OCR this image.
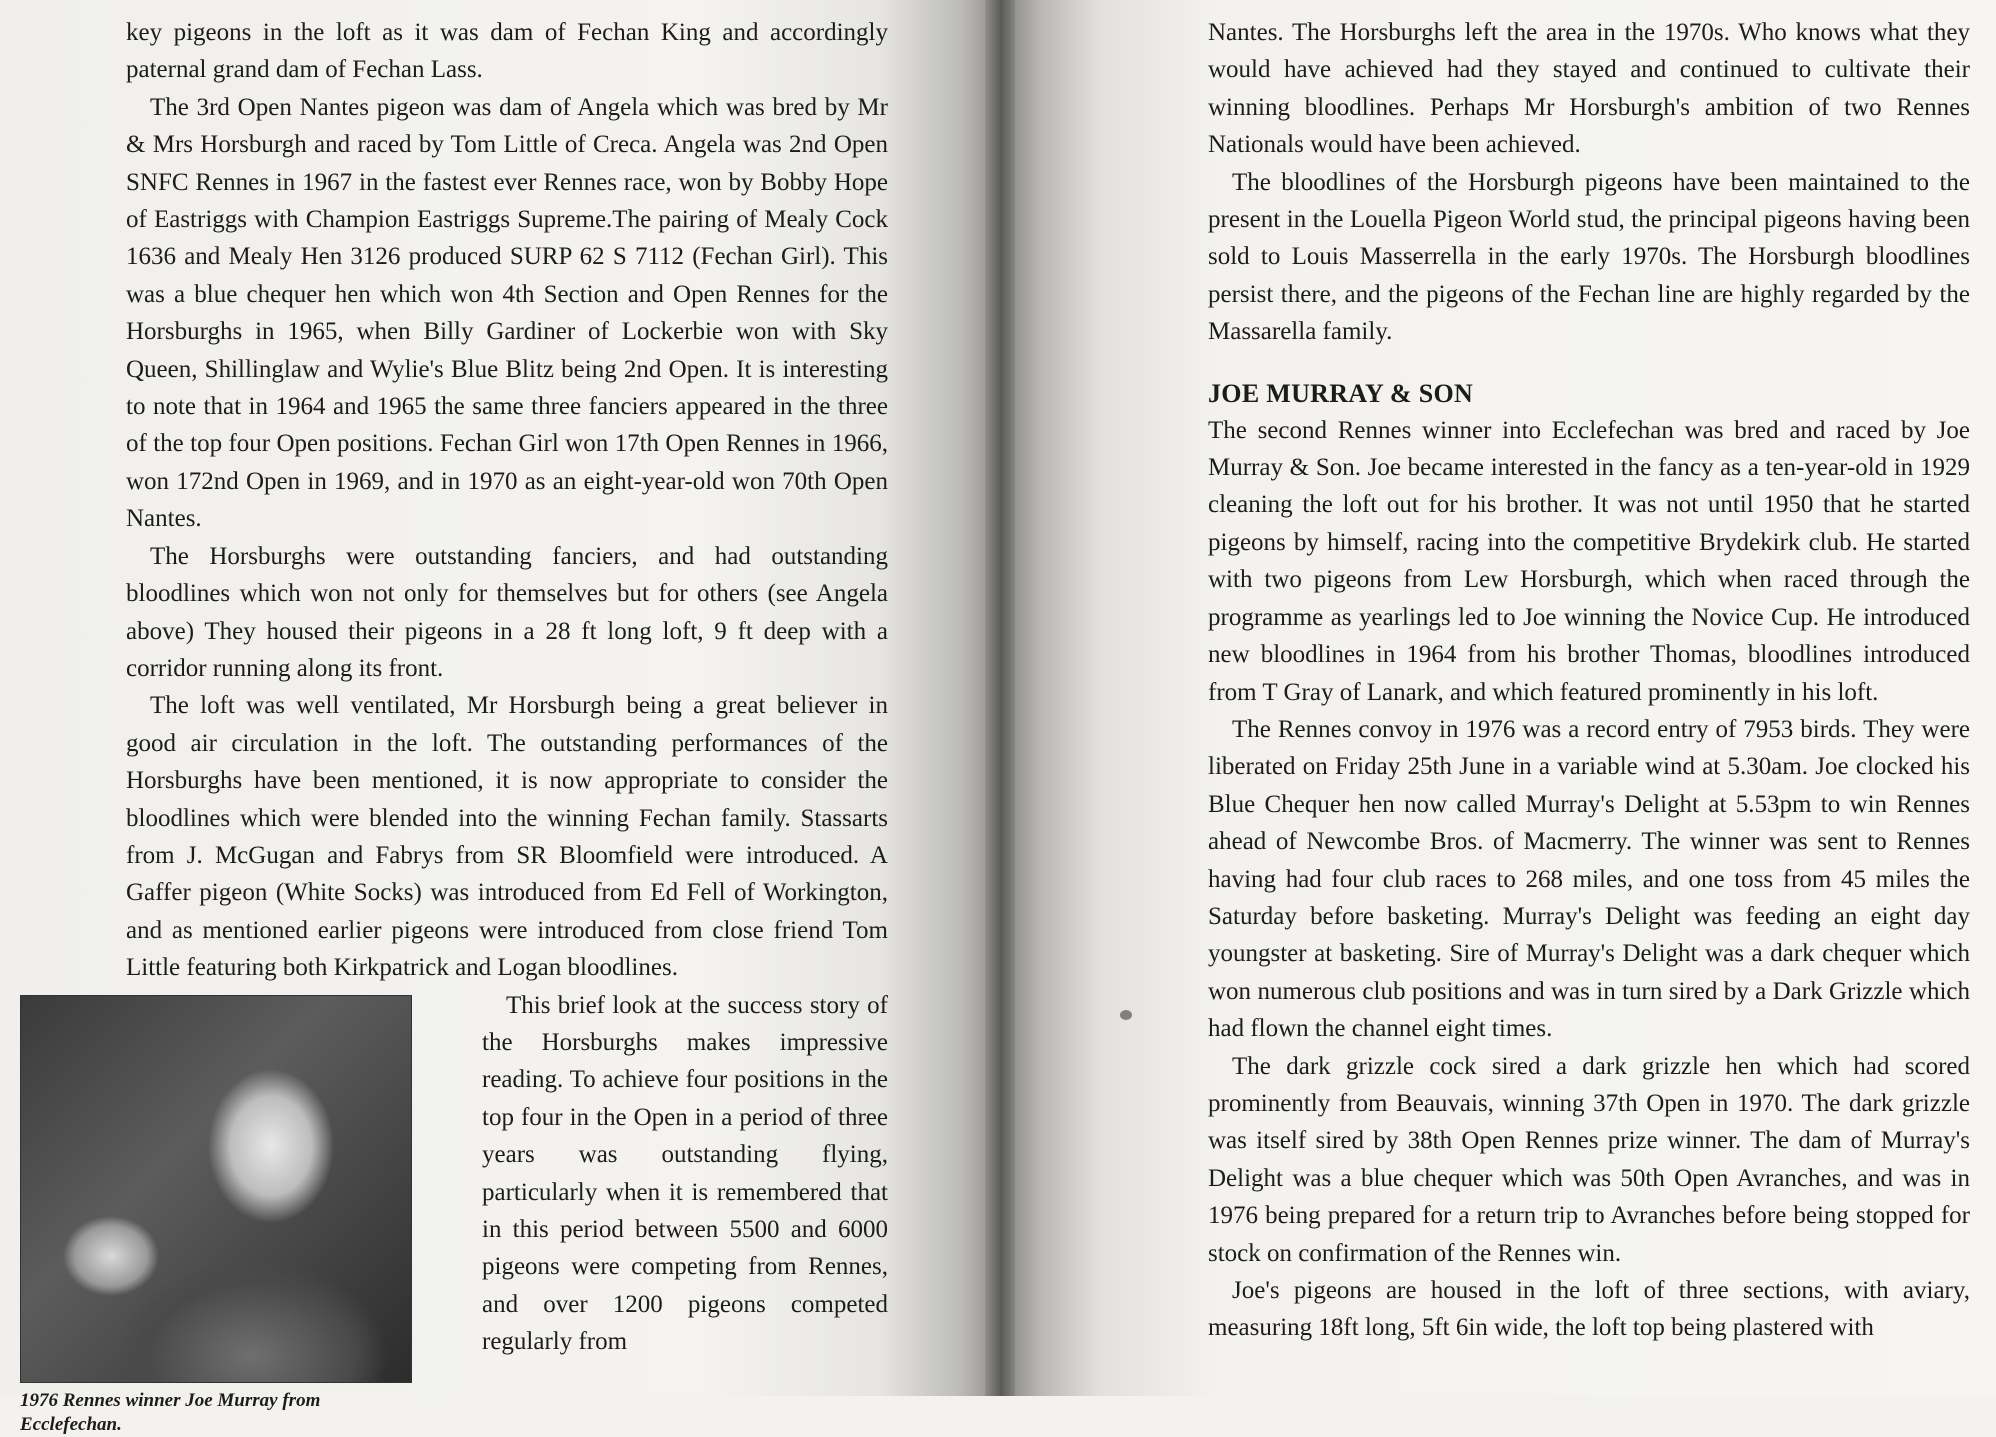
key pigeons in the loft as it was dam of Fechan King and accordingly paternal grand dam of Fechan Lass.

The 3rd Open Nantes pigeon was dam of Angela which was bred by Mr & Mrs Horsburgh and raced by Tom Little of Creca. Angela was 2nd Open SNFC Rennes in 1967 in the fastest ever Rennes race, won by Bobby Hope of Eastriggs with Champion Eastriggs Supreme.The pairing of Mealy Cock 1636 and Mealy Hen 3126 produced SURP 62 S 7112 (Fechan Girl). This was a blue chequer hen which won 4th Section and Open Rennes for the Horsburghs in 1965, when Billy Gardiner of Lockerbie won with Sky Queen, Shillinglaw and Wylie's Blue Blitz being 2nd Open. It is interesting to note that in 1964 and 1965 the same three fanciers appeared in the three of the top four Open positions. Fechan Girl won 17th Open Rennes in 1966, won 172nd Open in 1969, and in 1970 as an eight-year-old won 70th Open Nantes.

The Horsburghs were outstanding fanciers, and had outstanding bloodlines which won not only for themselves but for others (see Angela above) They housed their pigeons in a 28 ft long loft, 9 ft deep with a corridor running along its front.

The loft was well ventilated, Mr Horsburgh being a great believer in good air circulation in the loft. The outstanding performances of the Horsburghs have been mentioned, it is now appropriate to consider the bloodlines which were blended into the winning Fechan family. Stassarts from J. McGugan and Fabrys from SR Bloomfield were introduced. A Gaffer pigeon (White Socks) was introduced from Ed Fell of Workington, and as mentioned earlier pigeons were introduced from close friend Tom Little featuring both Kirkpatrick and Logan bloodlines.

1976 Rennes winner Joe Murray from Ecclefechan.

This brief look at the success story of the Horsburghs makes impressive reading. To achieve four positions in the top four in the Open in a period of three years was outstanding flying, particularly when it is remembered that in this period between 5500 and 6000 pigeons were competing from Rennes, and over 1200 pigeons competed regularly from

Nantes. The Horsburghs left the area in the 1970s. Who knows what they would have achieved had they stayed and continued to cultivate their winning bloodlines. Perhaps Mr Horsburgh's ambition of two Rennes Nationals would have been achieved.

The bloodlines of the Horsburgh pigeons have been maintained to the present in the Louella Pigeon World stud, the principal pigeons having been sold to Louis Masserrella in the early 1970s. The Horsburgh bloodlines persist there, and the pigeons of the Fechan line are highly regarded by the Massarella family.

JOE MURRAY & SON

The second Rennes winner into Ecclefechan was bred and raced by Joe Murray & Son. Joe became interested in the fancy as a ten-year-old in 1929 cleaning the loft out for his brother. It was not until 1950 that he started pigeons by himself, racing into the competitive Brydekirk club. He started with two pigeons from Lew Horsburgh, which when raced through the programme as yearlings led to Joe winning the Novice Cup. He introduced new bloodlines in 1964 from his brother Thomas, bloodlines introduced from T Gray of Lanark, and which featured prominently in his loft.

The Rennes convoy in 1976 was a record entry of 7953 birds. They were liberated on Friday 25th June in a variable wind at 5.30am. Joe clocked his Blue Chequer hen now called Murray's Delight at 5.53pm to win Rennes ahead of Newcombe Bros. of Macmerry. The winner was sent to Rennes having had four club races to 268 miles, and one toss from 45 miles the Saturday before basketing. Murray's Delight was feeding an eight day youngster at basketing. Sire of Murray's Delight was a dark chequer which won numerous club positions and was in turn sired by a Dark Grizzle which had flown the channel eight times.

The dark grizzle cock sired a dark grizzle hen which had scored prominently from Beauvais, winning 37th Open in 1970. The dark grizzle was itself sired by 38th Open Rennes prize winner. The dam of Murray's Delight was a blue chequer which was 50th Open Avranches, and was in 1976 being prepared for a return trip to Avranches before being stopped for stock on confirmation of the Rennes win.

Joe's pigeons are housed in the loft of three sections, with aviary, measuring 18ft long, 5ft 6in wide, the loft top being plastered with
